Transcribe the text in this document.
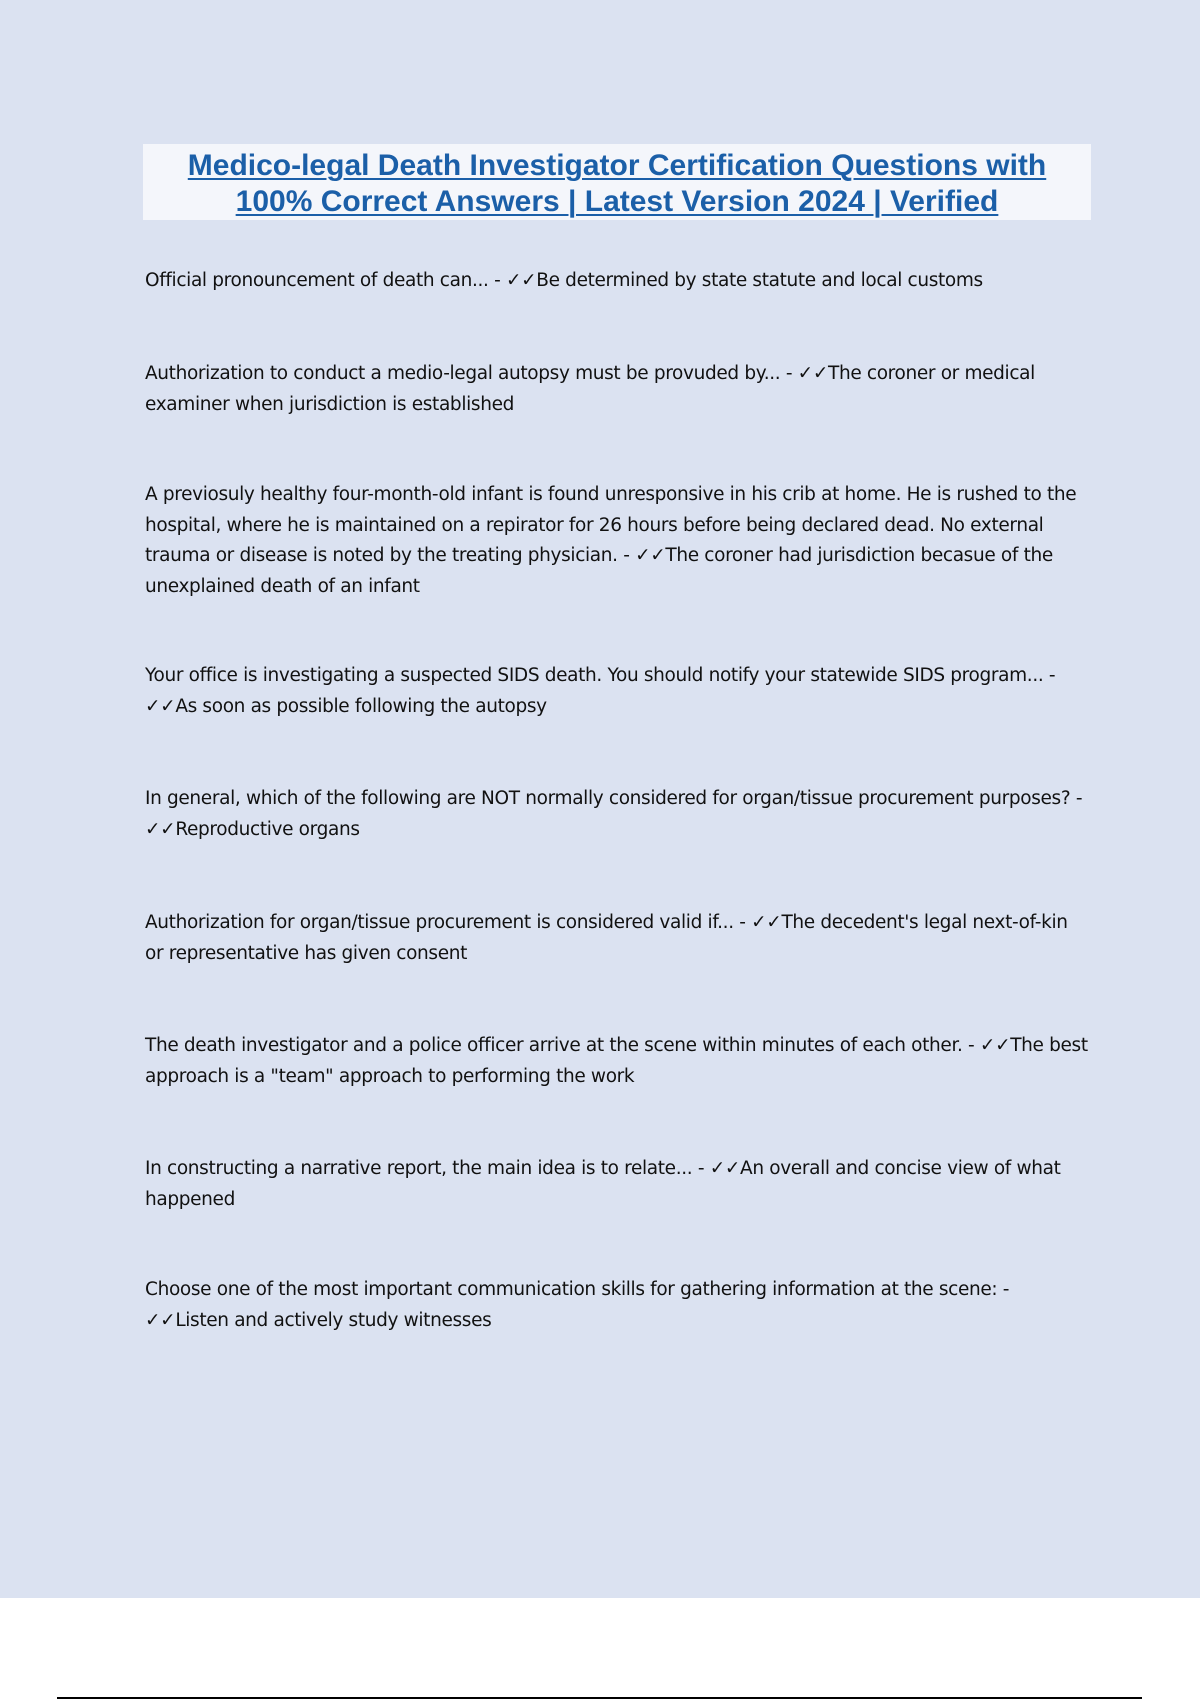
Medico-legal Death Investigator Certification Questions with
100% Correct Answers | Latest Version 2024 | Verified
Official pronouncement of death can... - ✓✓Be determined by state statute and local customs
Authorization to conduct a medio-legal autopsy must be provuded by... - ✓✓The coroner or medical examiner when jurisdiction is established
A previosuly healthy four-month-old infant is found unresponsive in his crib at home. He is rushed to the hospital, where he is maintained on a repirator for 26 hours before being declared dead. No external trauma or disease is noted by the treating physician. - ✓✓The coroner had jurisdiction becasue of the unexplained death of an infant
Your office is investigating a suspected SIDS death. You should notify your statewide SIDS program... - ✓✓As soon as possible following the autopsy
In general, which of the following are NOT normally considered for organ/tissue procurement purposes? - ✓✓Reproductive organs
Authorization for organ/tissue procurement is considered valid if... - ✓✓The decedent's legal next-of-kin or representative has given consent
The death investigator and a police officer arrive at the scene within minutes of each other. - ✓✓The best approach is a "team" approach to performing the work
In constructing a narrative report, the main idea is to relate... - ✓✓An overall and concise view of what happened
Choose one of the most important communication skills for gathering information at the scene: - ✓✓Listen and actively study witnesses
